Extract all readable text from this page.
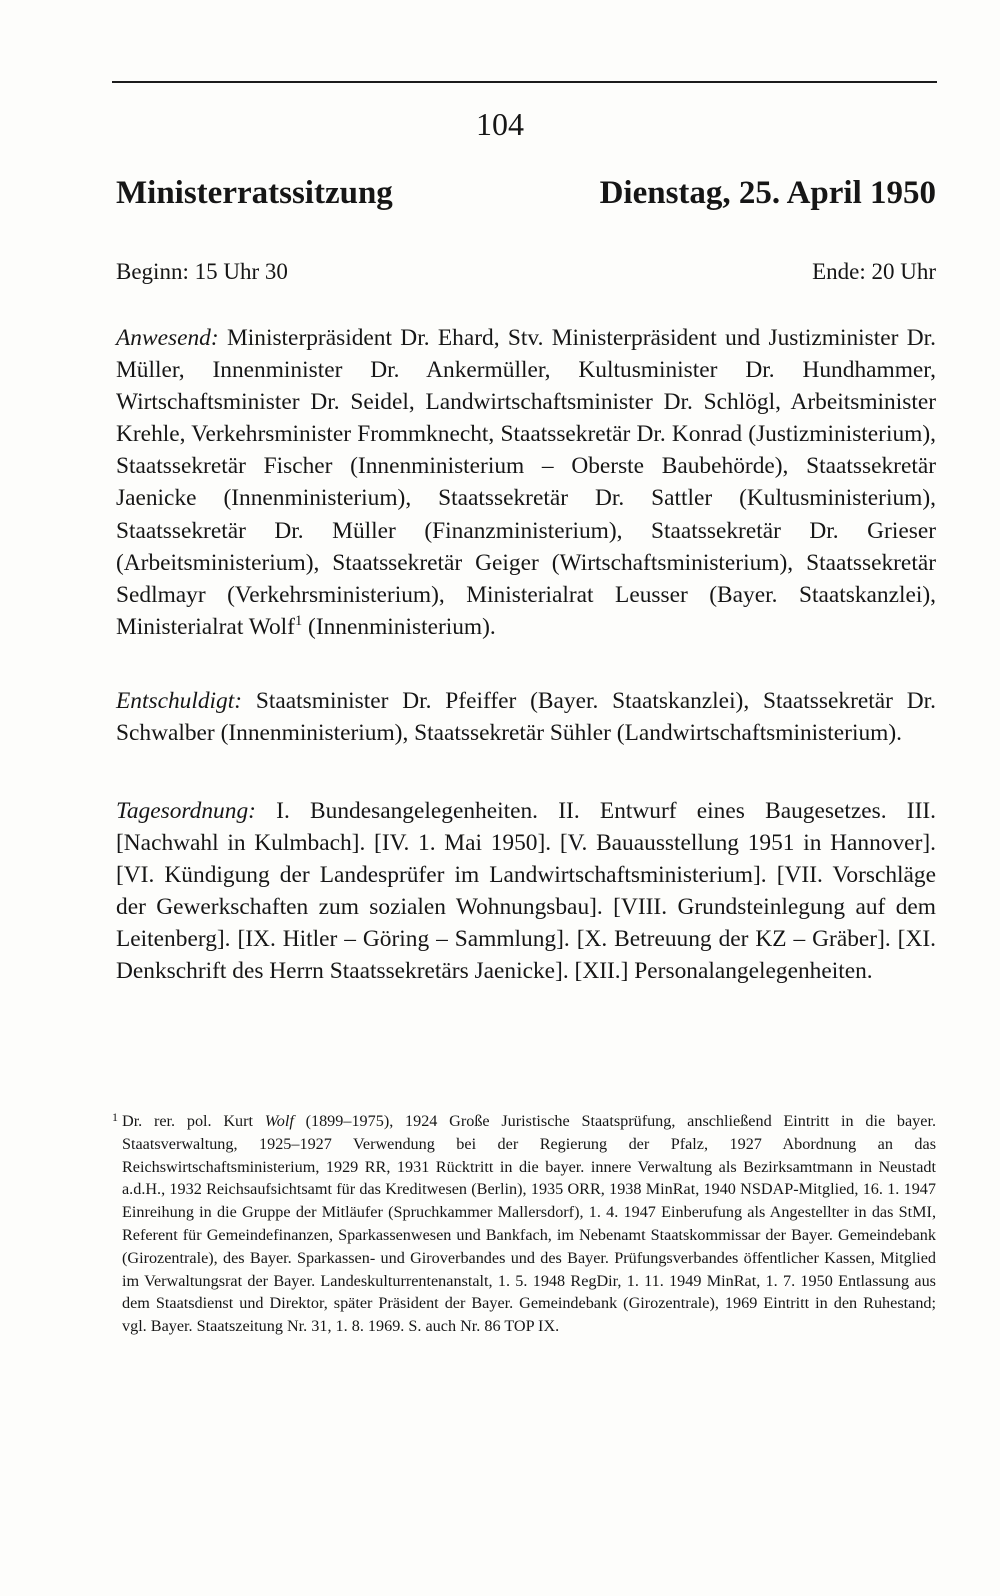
104
Ministerratssitzung	Dienstag, 25. April 1950
Beginn: 15 Uhr 30	Ende: 20 Uhr

Anwesend: Ministerpräsident Dr. Ehard, Stv. Ministerpräsident und Justizminister Dr. Müller, Innenminister Dr. Ankermüller, Kultusminister Dr. Hundhammer, Wirtschaftsminister Dr. Seidel, Landwirtschaftsminister Dr. Schlögl, Arbeitsminister Krehle, Verkehrsminister Frommknecht, Staatssekretär Dr. Konrad (Justizministerium), Staatssekretär Fischer (Innenministerium – Oberste Baubehörde), Staatssekretär Jaenicke (Innenministerium), Staatssekretär Dr. Sattler (Kultusministerium), Staatssekretär Dr. Müller (Finanzministerium), Staatssekretär Dr. Grieser (Arbeitsministerium), Staatssekretär Geiger (Wirtschaftsministerium), Staatssekretär Sedlmayr (Verkehrsministerium), Ministerialrat Leusser (Bayer. Staatskanzlei), Ministerialrat Wolf$^1$ (Innenministerium).

Entschuldigt: Staatsminister Dr. Pfeiffer (Bayer. Staatskanzlei), Staatssekretär Dr. Schwalber (Innenministerium), Staatssekretär Sühler (Landwirtschaftsministerium).

Tagesordnung: I. Bundesangelegenheiten. II. Entwurf eines Baugesetzes. III. [Nachwahl in Kulmbach]. [IV. 1. Mai 1950]. [V. Bauausstellung 1951 in Hannover]. [VI. Kündigung der Landesprüfer im Landwirtschaftsministerium]. [VII. Vorschläge der Gewerkschaften zum sozialen Wohnungsbau]. [VIII. Grundsteinlegung auf dem Leitenberg]. [IX. Hitler – Göring – Sammlung]. [X. Betreuung der KZ – Gräber]. [XI. Denkschrift des Herrn Staatssekretärs Jaenicke]. [XII.] Personalangelegenheiten.

1 Dr. rer. pol. Kurt Wolf (1899–1975), 1924 Große Juristische Staatsprüfung, anschließend Eintritt in die bayer. Staatsverwaltung, 1925–1927 Verwendung bei der Regierung der Pfalz, 1927 Abordnung an das Reichswirtschaftsministerium, 1929 RR, 1931 Rücktritt in die bayer. innere Verwaltung als Bezirksamtmann in Neustadt a.d.H., 1932 Reichsaufsichtsamt für das Kreditwesen (Berlin), 1935 ORR, 1938 MinRat, 1940 NSDAP-Mitglied, 16. 1. 1947 Einreihung in die Gruppe der Mitläufer (Spruchkammer Mallersdorf), 1. 4. 1947 Einberufung als Angestellter in das StMI, Referent für Gemeindefinanzen, Sparkassenwesen und Bankfach, im Nebenamt Staatskommissar der Bayer. Gemeindebank (Girozentrale), des Bayer. Sparkassen- und Giroverbandes und des Bayer. Prüfungsverbandes öffentlicher Kassen, Mitglied im Verwaltungsrat der Bayer. Landeskulturrentenanstalt, 1. 5. 1948 RegDir, 1. 11. 1949 MinRat, 1. 7. 1950 Entlassung aus dem Staatsdienst und Direktor, später Präsident der Bayer. Gemeindebank (Girozentrale), 1969 Eintritt in den Ruhestand; vgl. Bayer. Staatszeitung Nr. 31, 1. 8. 1969. S. auch Nr. 86 TOP IX.
